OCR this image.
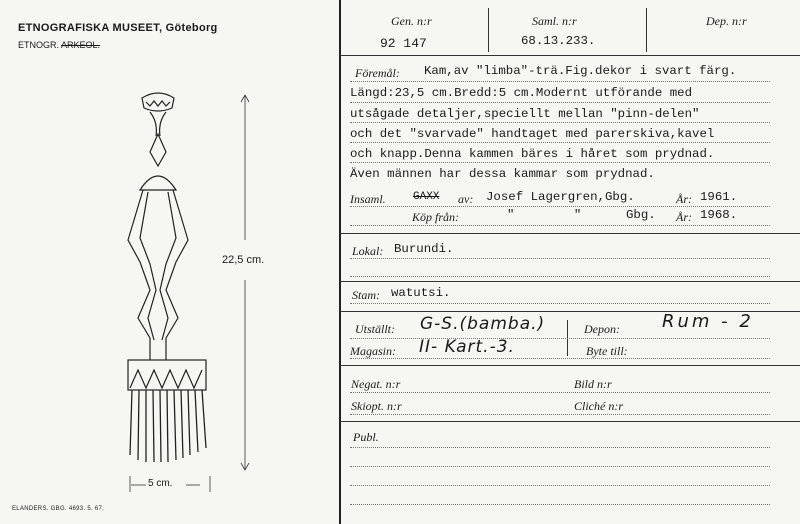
ETNOGRAFISKA MUSEET, Göteborg
ETNOGR. ARKEOL.
22,5 cm.
5 cm.
ELANDERS. GBG. 4693. 5. 67.
Gen. n:r
92 147
Saml. n:r
68.13.233.
Dep. n:r
Föremål: Kam,av "limba"-trä.Fig.dekor i svart färg.
Längd:23,5 cm.Bredd:5 cm.Modernt utförande med
utsågade detaljer,speciellt mellan "pinn-delen"
och det "svarvade" handtaget med parerskiva,kavel
och knapp.Denna kammen bäres i håret som prydnad.
Även männen har dessa kammar som prydnad.
Insaml. GAXX av: Josef Lagergren,Gbg.	År: 1961.
Köp från:	"        "      Gbg. År: 1968.
Lokal: Burundi.
Stam: watutsi.
Utställt: G-S.(bamba.)
Magasin: II- Kart.-3.
Depon: Rum - 2
Byte till:
Negat. n:r	Bild n:r
Skiopt. n:r	Cliché n:r
Publ.
